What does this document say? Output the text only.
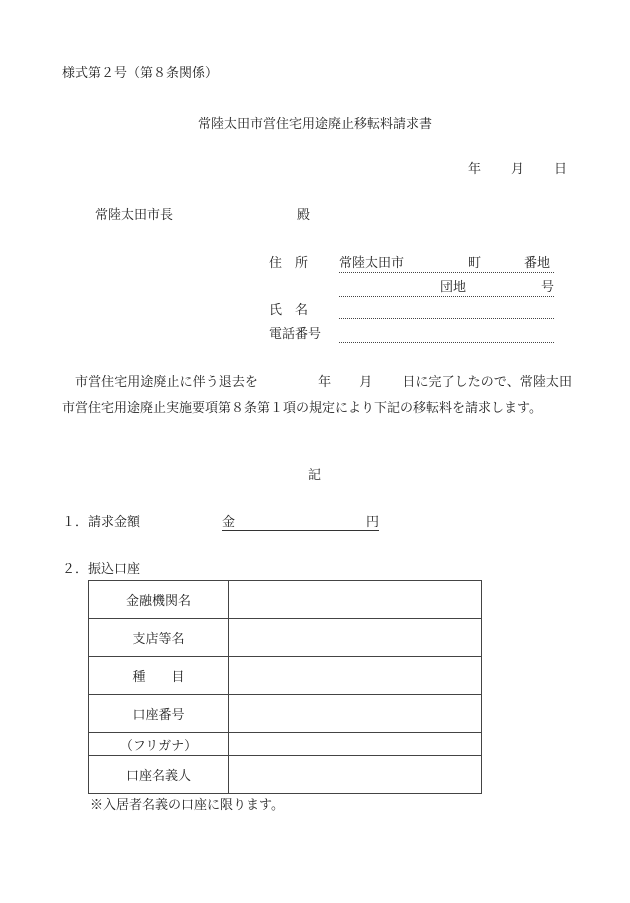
様式第２号（第８条関係）
常陸太田市営住宅用途廃止移転料請求書
年 月 日
常陸太田市長	殿
住　所 常陸太田市	町	番地
団地	号
氏　名
電話番号
市営住宅用途廃止に伴う退去を	年 月 日に完了したので、常陸太田市営住宅用途廃止実施要項第８条第１項の規定により下記の移転料を請求します。
記
１．請求金額	金	円
２．振込口座
金融機関名	
支店等名	
種　　目	
口座番号	
（フリガナ）	
口座名義人	
※入居者名義の口座に限ります。
